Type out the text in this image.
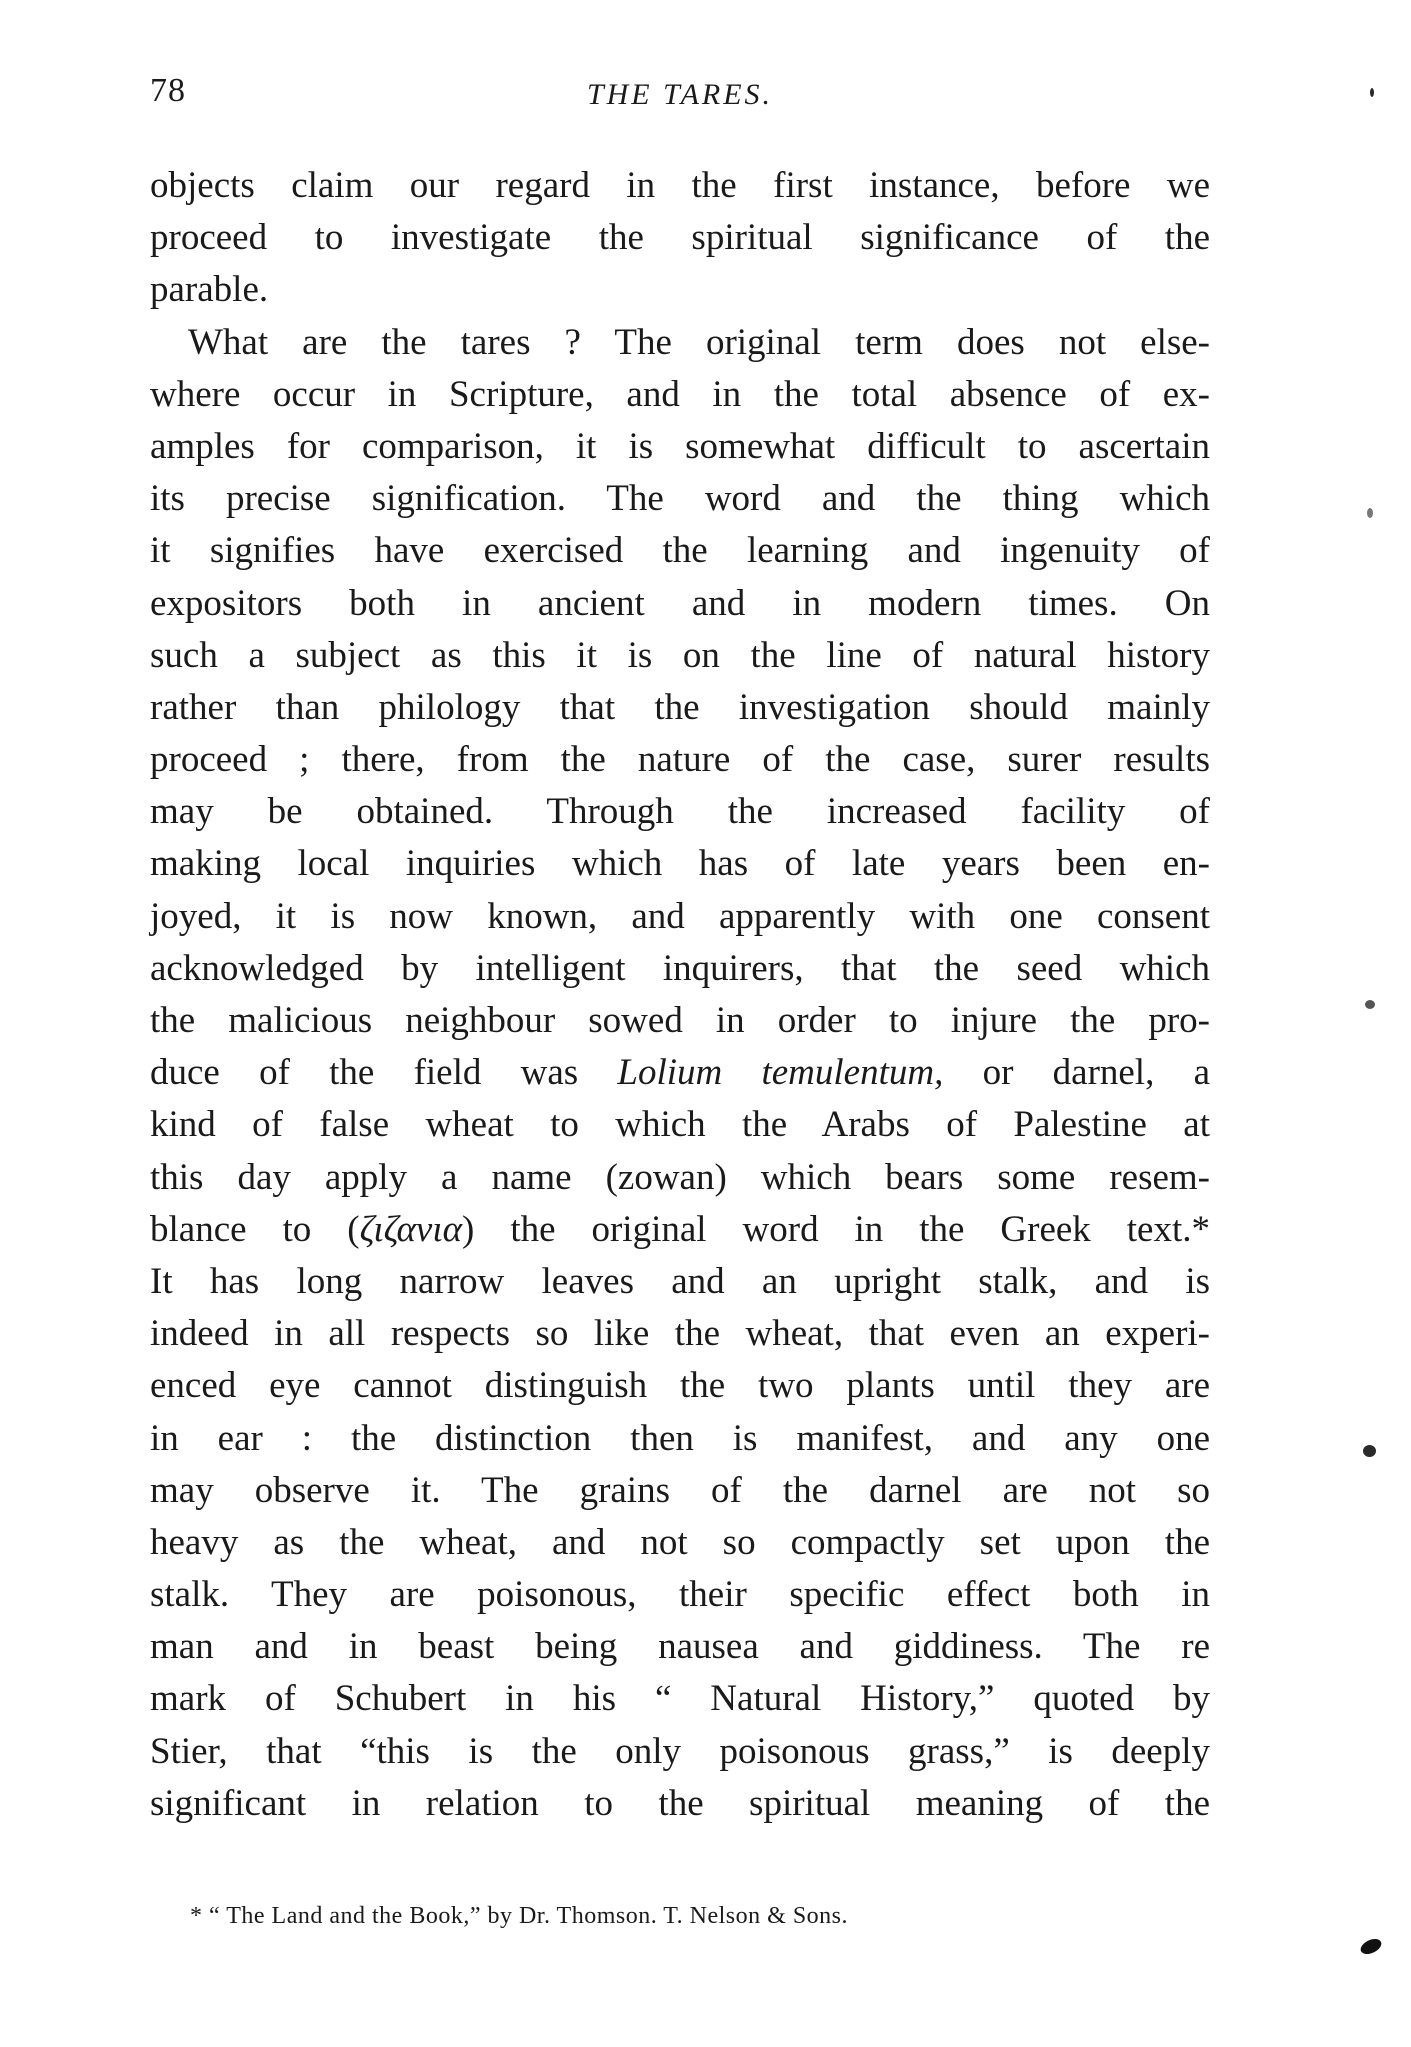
78	THE TARES.
objects claim our regard in the first instance, before we
proceed to investigate the spiritual significance of the
parable.
What are the tares ? The original term does not else-
where occur in Scripture, and in the total absence of ex-
amples for comparison, it is somewhat difficult to ascertain
its precise signification. The word and the thing which
it signifies have exercised the learning and ingenuity of
expositors both in ancient and in modern times. On
such a subject as this it is on the line of natural history
rather than philology that the investigation should mainly
proceed ; there, from the nature of the case, surer results
may be obtained. Through the increased facility of
making local inquiries which has of late years been en-
joyed, it is now known, and apparently with one consent
acknowledged by intelligent inquirers, that the seed which
the malicious neighbour sowed in order to injure the pro-
duce of the field was Lolium temulentum, or darnel, a
kind of false wheat to which the Arabs of Palestine at
this day apply a name (zowan) which bears some resem-
blance to (ζιζανια) the original word in the Greek text.*
It has long narrow leaves and an upright stalk, and is
indeed in all respects so like the wheat, that even an experi-
enced eye cannot distinguish the two plants until they are
in ear : the distinction then is manifest, and any one
may observe it. The grains of the darnel are not so
heavy as the wheat, and not so compactly set upon the
stalk. They are poisonous, their specific effect both in
man and in beast being nausea and giddiness. The re
mark of Schubert in his “ Natural History,” quoted by
Stier, that “this is the only poisonous grass,” is deeply
significant in relation to the spiritual meaning of the
* “ The Land and the Book,” by Dr. Thomson. T. Nelson & Sons.
